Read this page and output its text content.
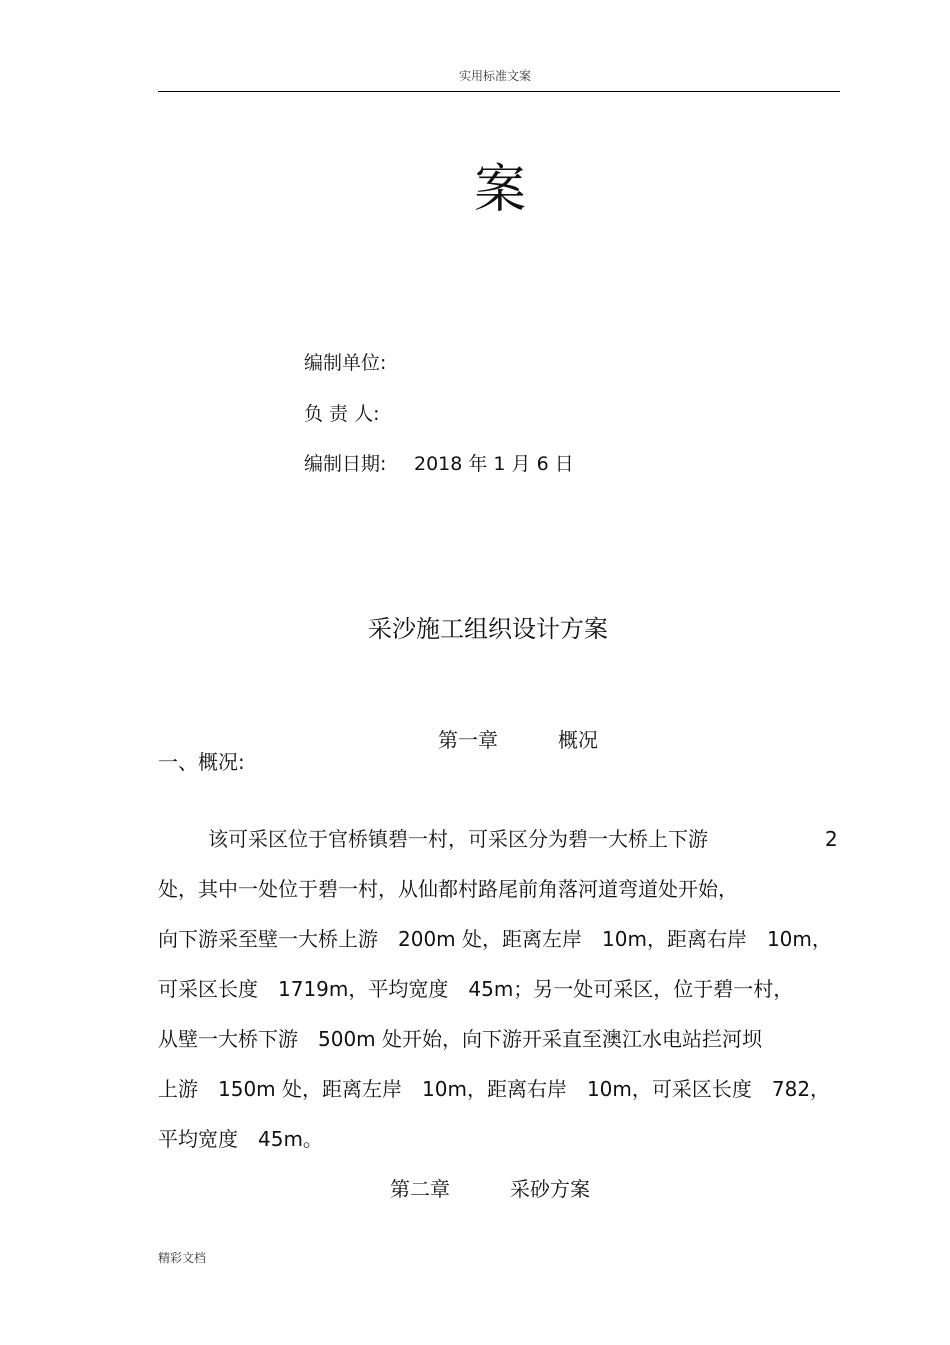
实用标准文案
案
编制单位:
负 责 人:
编制日期: 2018 年 1 月 6 日
采沙施工组织设计方案
第一章	概况
一、概况:
该可采区位于官桥镇碧一村，可采区分为碧一大桥上下游	2
处，其中一处位于碧一村，从仙都村路尾前角落河道弯道处开始，
向下游采至壁一大桥上游　200m 处，距离左岸　10m，距离右岸　10m，
可采区长度　1719m，平均宽度　45m；另一处可采区，位于碧一村，
从壁一大桥下游　500m 处开始，向下游开采直至澳江水电站拦河坝
上游　150m 处，距离左岸　10m，距离右岸　10m，可采区长度　782，
平均宽度　45m。
第二章	采砂方案
精彩文档
